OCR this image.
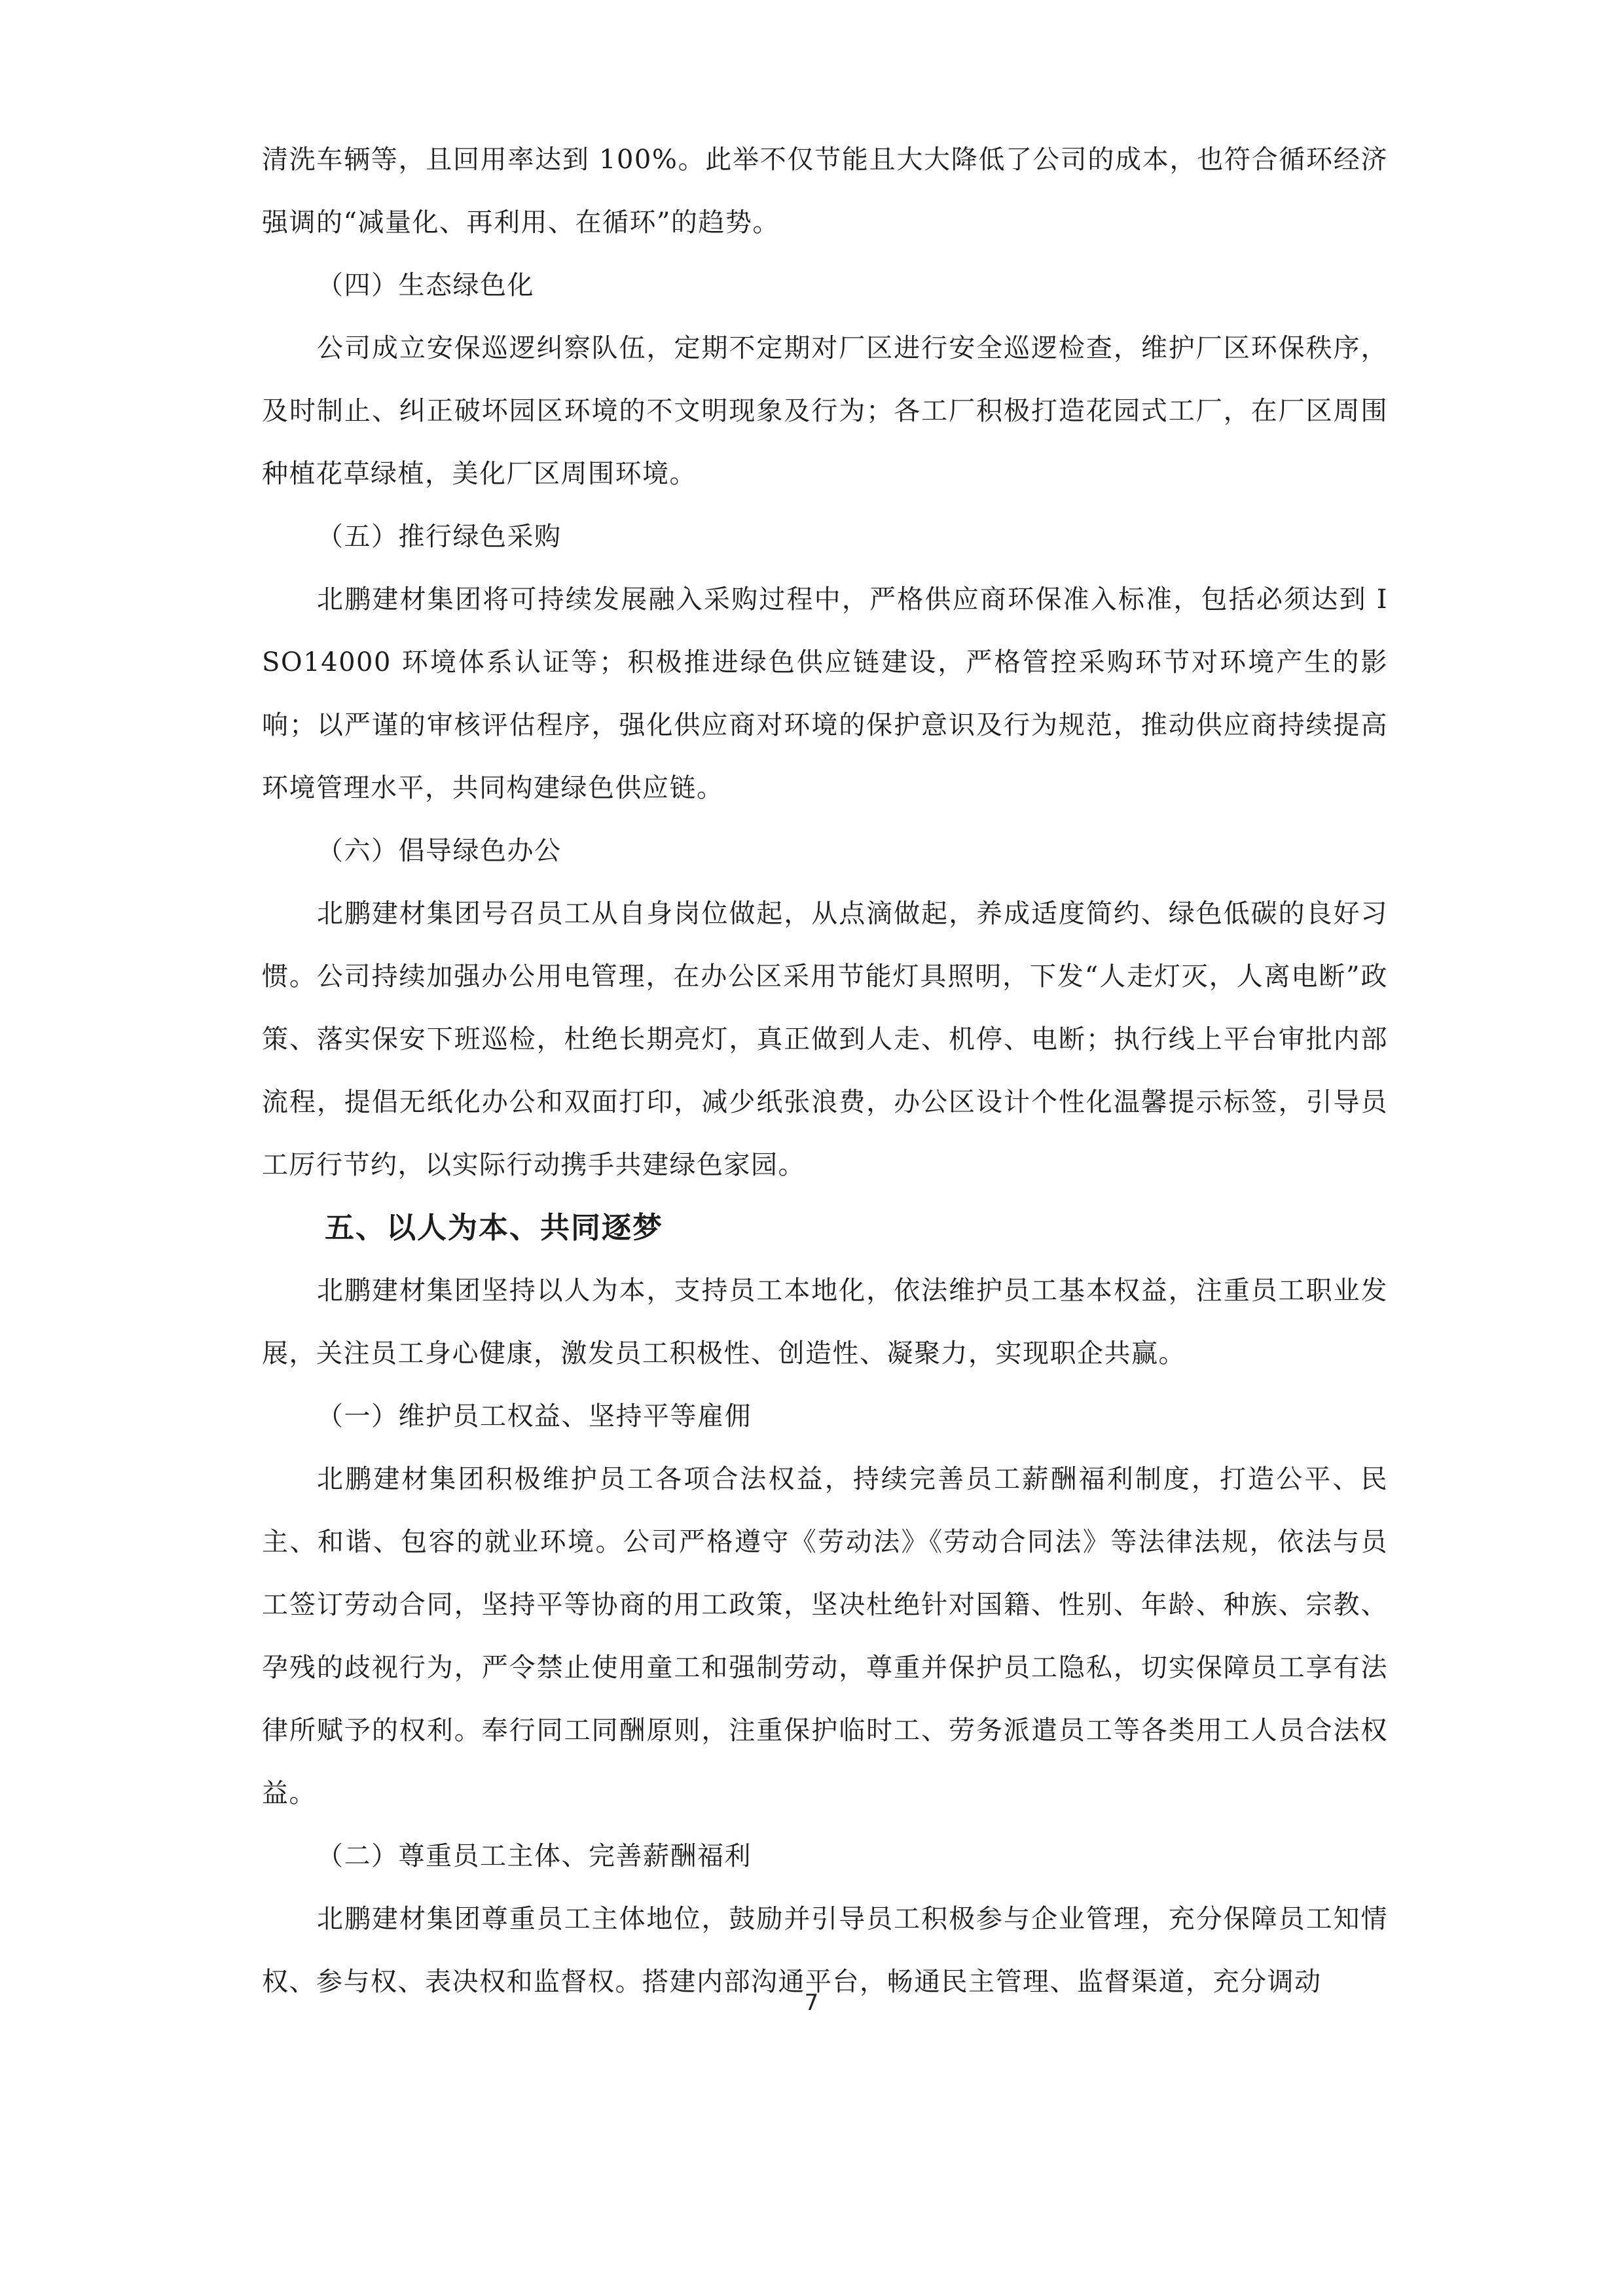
清洗车辆等，且回用率达到 100%。此举不仅节能且大大降低了公司的成本，也符合循环经济强调的“减量化、再利用、在循环”的趋势。

（四）生态绿色化

公司成立安保巡逻纠察队伍，定期不定期对厂区进行安全巡逻检查，维护厂区环保秩序，及时制止、纠正破坏园区环境的不文明现象及行为；各工厂积极打造花园式工厂，在厂区周围种植花草绿植，美化厂区周围环境。

（五）推行绿色采购

北鹏建材集团将可持续发展融入采购过程中，严格供应商环保准入标准，包括必须达到 ISO14000 环境体系认证等；积极推进绿色供应链建设，严格管控采购环节对环境产生的影响；以严谨的审核评估程序，强化供应商对环境的保护意识及行为规范，推动供应商持续提高环境管理水平，共同构建绿色供应链。

（六）倡导绿色办公

北鹏建材集团号召员工从自身岗位做起，从点滴做起，养成适度简约、绿色低碳的良好习惯。公司持续加强办公用电管理，在办公区采用节能灯具照明，下发“人走灯灭，人离电断”政策、落实保安下班巡检，杜绝长期亮灯，真正做到人走、机停、电断；执行线上平台审批内部流程，提倡无纸化办公和双面打印，减少纸张浪费，办公区设计个性化温馨提示标签，引导员工厉行节约，以实际行动携手共建绿色家园。

五、以人为本、共同逐梦

北鹏建材集团坚持以人为本，支持员工本地化，依法维护员工基本权益，注重员工职业发展，关注员工身心健康，激发员工积极性、创造性、凝聚力，实现职企共赢。

（一）维护员工权益、坚持平等雇佣

北鹏建材集团积极维护员工各项合法权益，持续完善员工薪酬福利制度，打造公平、民主、和谐、包容的就业环境。公司严格遵守《劳动法》《劳动合同法》等法律法规，依法与员工签订劳动合同，坚持平等协商的用工政策，坚决杜绝针对国籍、性别、年龄、种族、宗教、孕残的歧视行为，严令禁止使用童工和强制劳动，尊重并保护员工隐私，切实保障员工享有法律所赋予的权利。奉行同工同酬原则，注重保护临时工、劳务派遣员工等各类用工人员合法权益。

（二）尊重员工主体、完善薪酬福利

北鹏建材集团尊重员工主体地位，鼓励并引导员工积极参与企业管理，充分保障员工知情权、参与权、表决权和监督权。搭建内部沟通平台，畅通民主管理、监督渠道，充分调动

7
